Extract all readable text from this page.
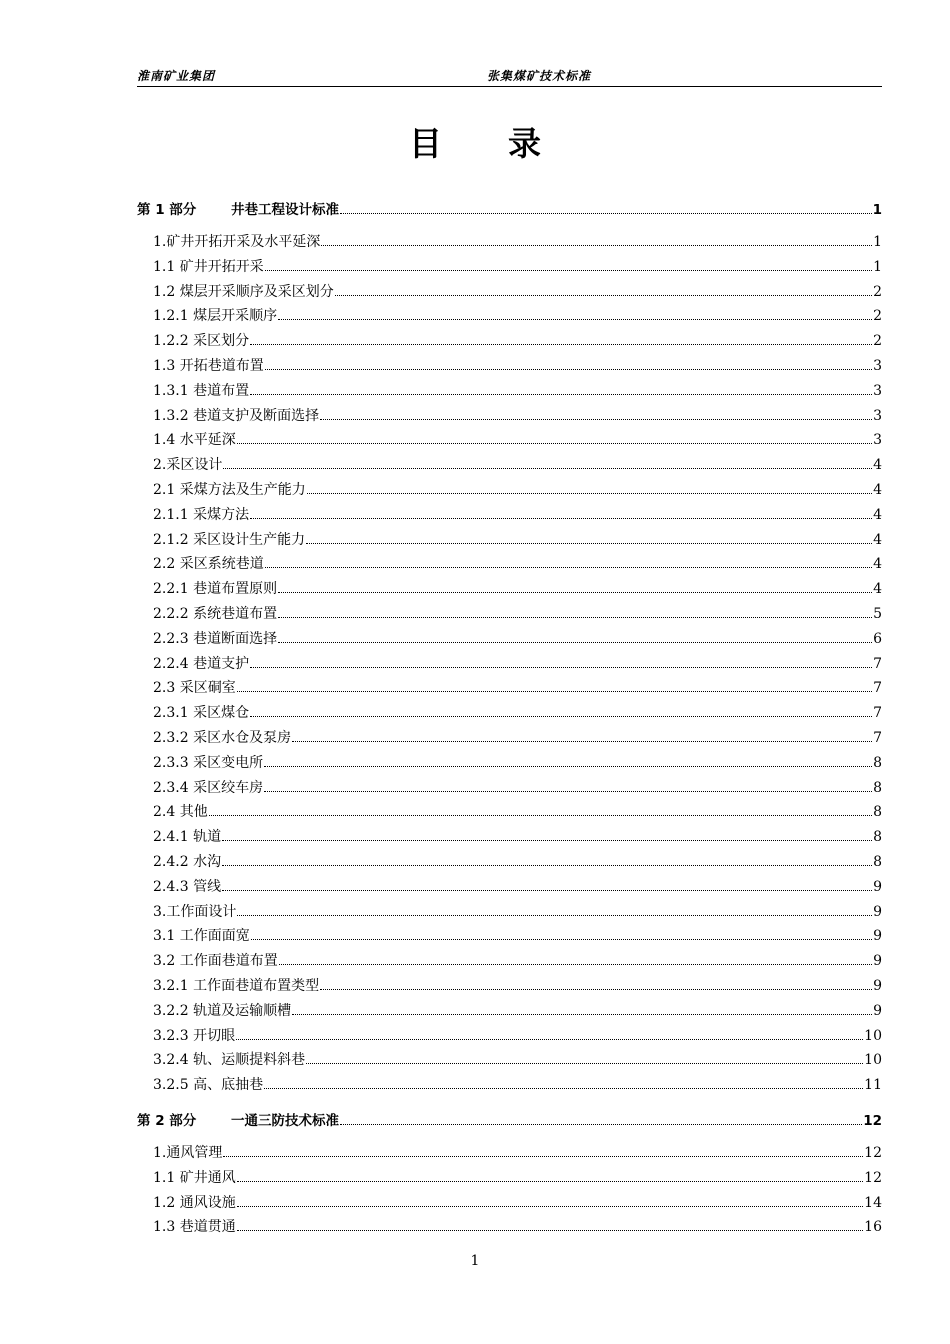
淮南矿业集团	张集煤矿技术标准
目 录
第 1 部分	井巷工程设计标准	1
1.矿井开拓开采及水平延深	1
1.1 矿井开拓开采	1
1.2 煤层开采顺序及采区划分	2
1.2.1 煤层开采顺序	2
1.2.2 采区划分	2
1.3 开拓巷道布置	3
1.3.1 巷道布置	3
1.3.2 巷道支护及断面选择	3
1.4 水平延深	3
2.采区设计	4
2.1 采煤方法及生产能力	4
2.1.1 采煤方法	4
2.1.2 采区设计生产能力	4
2.2 采区系统巷道	4
2.2.1 巷道布置原则	4
2.2.2 系统巷道布置	5
2.2.3 巷道断面选择	6
2.2.4 巷道支护	7
2.3 采区硐室	7
2.3.1 采区煤仓	7
2.3.2 采区水仓及泵房	7
2.3.3 采区变电所	8
2.3.4 采区绞车房	8
2.4 其他	8
2.4.1 轨道	8
2.4.2 水沟	8
2.4.3 管线	9
3.工作面设计	9
3.1 工作面面宽	9
3.2 工作面巷道布置	9
3.2.1 工作面巷道布置类型	9
3.2.2 轨道及运输顺槽	9
3.2.3 开切眼	10
3.2.4 轨、运顺提料斜巷	10
3.2.5 高、底抽巷	11
第 2 部分	一通三防技术标准	12
1.通风管理	12
1.1 矿井通风	12
1.2 通风设施	14
1.3 巷道贯通	16
1
